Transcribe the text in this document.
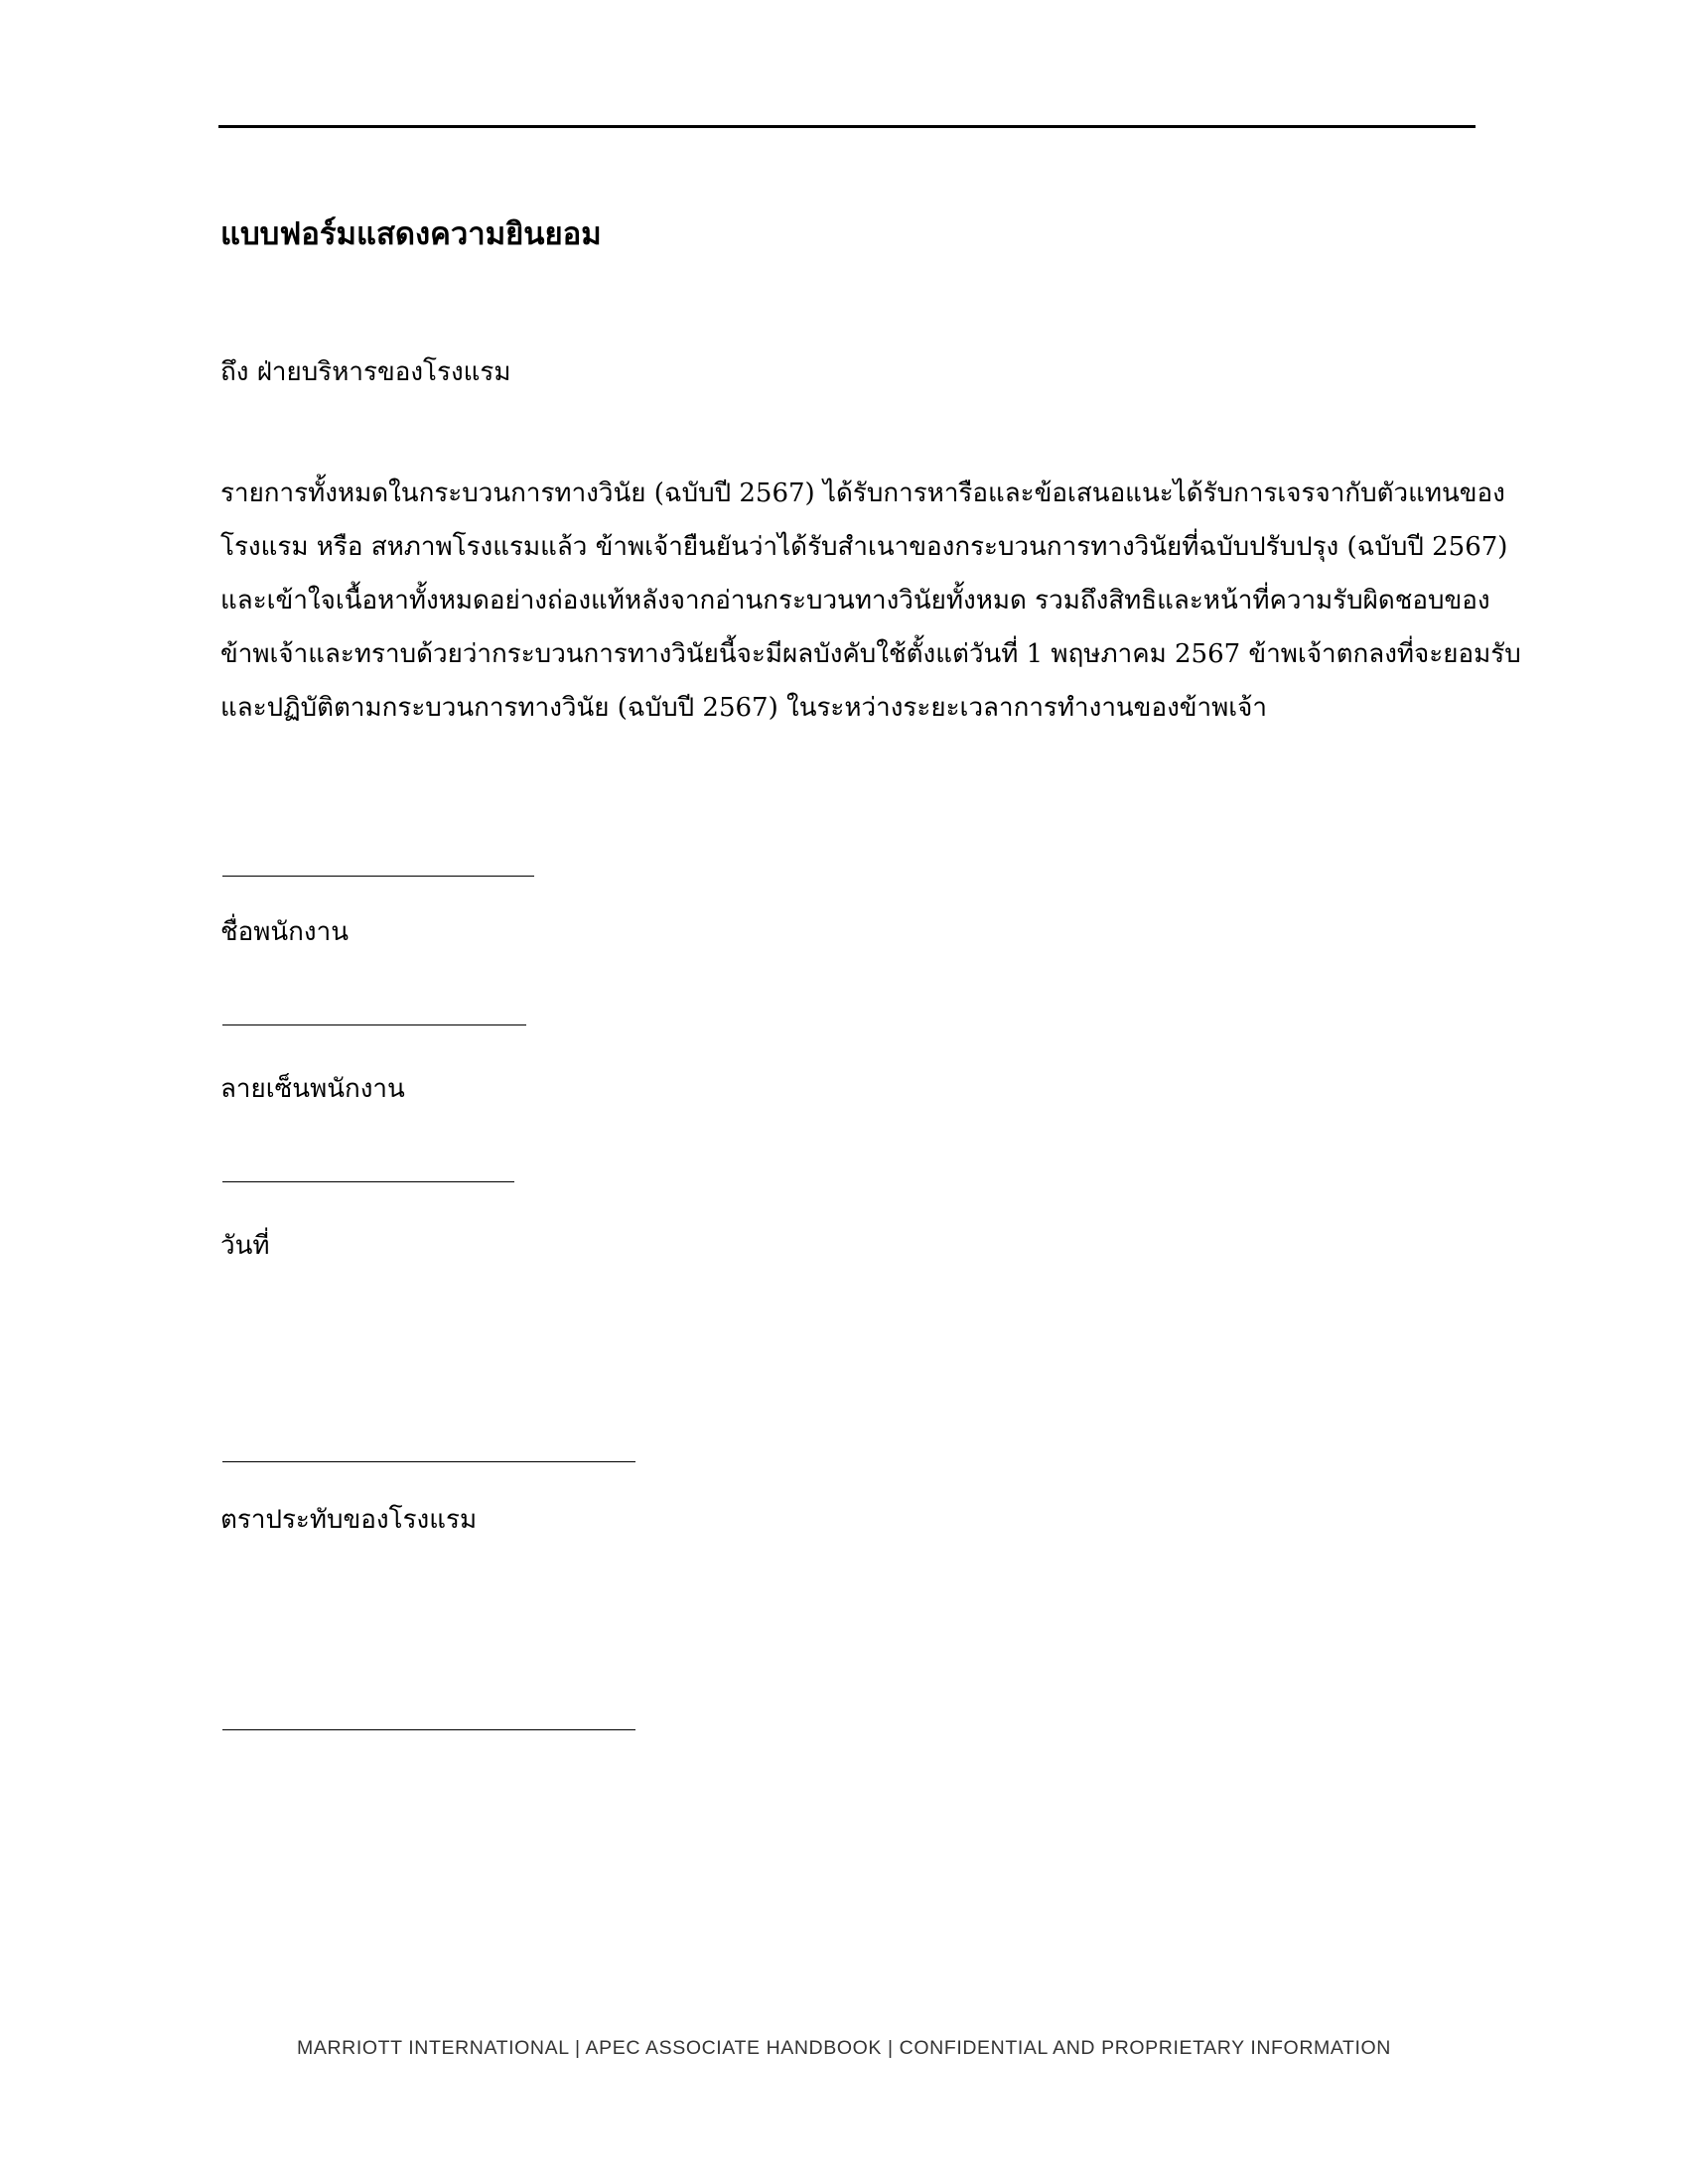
แบบฟอร์มแสดงความยินยอม
ถึง ฝ่ายบริหารของโรงแรม
รายการทั้งหมดในกระบวนการทางวินัย (ฉบับปี 2567) ได้รับการหารือและข้อเสนอแนะได้รับการเจรจากับตัวแทนของ
โรงแรม หรือ สหภาพโรงแรมแล้ว ข้าพเจ้ายืนยันว่าได้รับสำเนาของกระบวนการทางวินัยที่ฉบับปรับปรุง (ฉบับปี 2567)
และเข้าใจเนื้อหาทั้งหมดอย่างถ่องแท้หลังจากอ่านกระบวนทางวินัยทั้งหมด รวมถึงสิทธิและหน้าที่ความรับผิดชอบของ
ข้าพเจ้าและทราบด้วยว่ากระบวนการทางวินัยนี้จะมีผลบังคับใช้ตั้งแต่วันที่ 1 พฤษภาคม 2567 ข้าพเจ้าตกลงที่จะยอมรับ
และปฏิบัติตามกระบวนการทางวินัย (ฉบับปี 2567) ในระหว่างระยะเวลาการทำงานของข้าพเจ้า
ชื่อพนักงาน
ลายเซ็นพนักงาน
วันที่
ตราประทับของโรงแรม
MARRIOTT INTERNATIONAL | APEC ASSOCIATE HANDBOOK | CONFIDENTIAL AND PROPRIETARY INFORMATION
